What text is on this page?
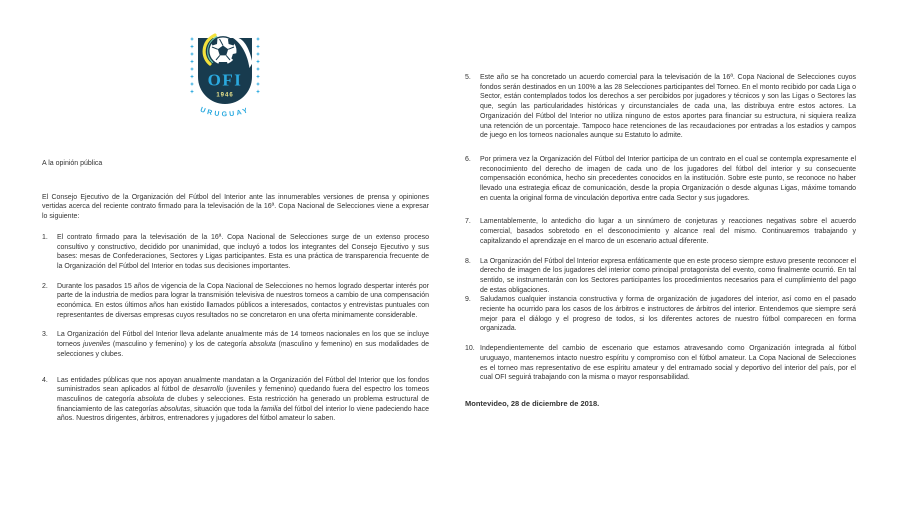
OFI
1946
URUGUAY

A la opinión pública

El Consejo Ejecutivo de la Organización del Fútbol del Interior ante las innumerables versiones de prensa y opiniones vertidas acerca del reciente contrato firmado para la televisación de la 16ª. Copa Nacional de Selecciones viene a expresar lo siguiente:

1.	El contrato firmado para la televisación de la 16ª. Copa Nacional de Selecciones surge de un extenso proceso consultivo y constructivo, decidido por unanimidad, que incluyó a todos los integrantes del Consejo Ejecutivo y sus bases: mesas de Confederaciones, Sectores y Ligas participantes. Esta es una práctica de transparencia frecuente de la Organización del Fútbol del Interior en todas sus decisiones importantes.
2.	Durante los pasados 15 años de vigencia de la Copa Nacional de Selecciones no hemos logrado despertar interés por parte de la industria de medios para lograr la transmisión televisiva de nuestros torneos a cambio de una compensación económica. En estos últimos años han existido llamados públicos a interesados, contactos y entrevistas puntuales con representantes de diversas empresas cuyos resultados no se concretaron en una oferta minimamente considerable.
3.	La Organización del Fútbol del Interior lleva adelante anualmente más de 14 torneos nacionales en los que se incluye torneos juveniles (masculino y femenino) y los de categoría absoluta (masculino y femenino) en sus modalidades de selecciones y clubes.
4.	Las entidades públicas que nos apoyan anualmente mandatan a la Organización del Fútbol del Interior que los fondos suministrados sean aplicados al fútbol de desarrollo (juveniles y femenino) quedando fuera del espectro los torneos masculinos de categoría absoluta de clubes y selecciones. Esta restricción ha generado un problema estructural de financiamiento de las categorías absolutas, situación que toda la familia del fútbol del interior lo viene padeciendo hace años. Nuestros dirigentes, árbitros, entrenadores y jugadores del fútbol amateur lo saben.
5.	Este año se ha concretado un acuerdo comercial para la televisación de la 16ª. Copa Nacional de Selecciones cuyos fondos serán destinados en un 100% a las 28 Selecciones participantes del Torneo. En el monto recibido por cada Liga o Sector, están contemplados todos los derechos a ser percibidos por jugadores y técnicos y son las Ligas o Sectores las que, según las particularidades históricas y circunstanciales de cada una, las distribuya entre estos actores. La Organización del Fútbol del Interior no utiliza ninguno de estos aportes para financiar su estructura, ni siquiera realiza una retención de un porcentaje. Tampoco hace retenciones de las recaudaciones por entradas a los estadios y campos de juego en los torneos nacionales aunque su Estatuto lo admite.
6.	Por primera vez la Organización del Fútbol del Interior participa de un contrato en el cual se contempla expresamente el reconocimiento del derecho de imagen de cada uno de los jugadores del fútbol del interior y su consecuente compensación económica, hecho sin precedentes conocidos en la institución. Sobre este punto, se reconoce no haber llevado una estrategia eficaz de comunicación, desde la propia Organización o desde algunas Ligas, máxime tomando en cuenta la original forma de vinculación deportiva entre cada Sector y sus jugadores.
7.	Lamentablemente, lo antedicho dio lugar a un sinnúmero de conjeturas y reacciones negativas sobre el acuerdo comercial, basados sobretodo en el desconocimiento y alcance real del mismo. Continuaremos trabajando y capitalizando el aprendizaje en el marco de un escenario actual diferente.
8.	La Organización del Fútbol del Interior expresa enfáticamente que en este proceso siempre estuvo presente reconocer el derecho de imagen de los jugadores del interior como principal protagonista del evento, como finalmente ocurrió. En tal sentido, se instrumentarán con los Sectores participantes los procedimientos necesarios para el cumplimiento del pago de estas obligaciones.
9.	Saludamos cualquier instancia constructiva y forma de organización de jugadores del interior, así como en el pasado reciente ha ocurrido para los casos de los árbitros e instructores de árbitros del interior. Entendemos que siempre será mejor para el diálogo y el progreso de todos, si los diferentes actores de nuestro fútbol comparecen en forma organizada.
10. Independientemente del cambio de escenario que estamos atravesando como Organización integrada al fútbol uruguayo, mantenemos intacto nuestro espíritu y compromiso con el fútbol amateur. La Copa Nacional de Selecciones es el torneo mas representativo de ese espíritu amateur y del entramado social y deportivo del interior del país, por el cual OFI seguirá trabajando con la misma o mayor responsabilidad.

Montevideo, 28 de diciembre de 2018.
